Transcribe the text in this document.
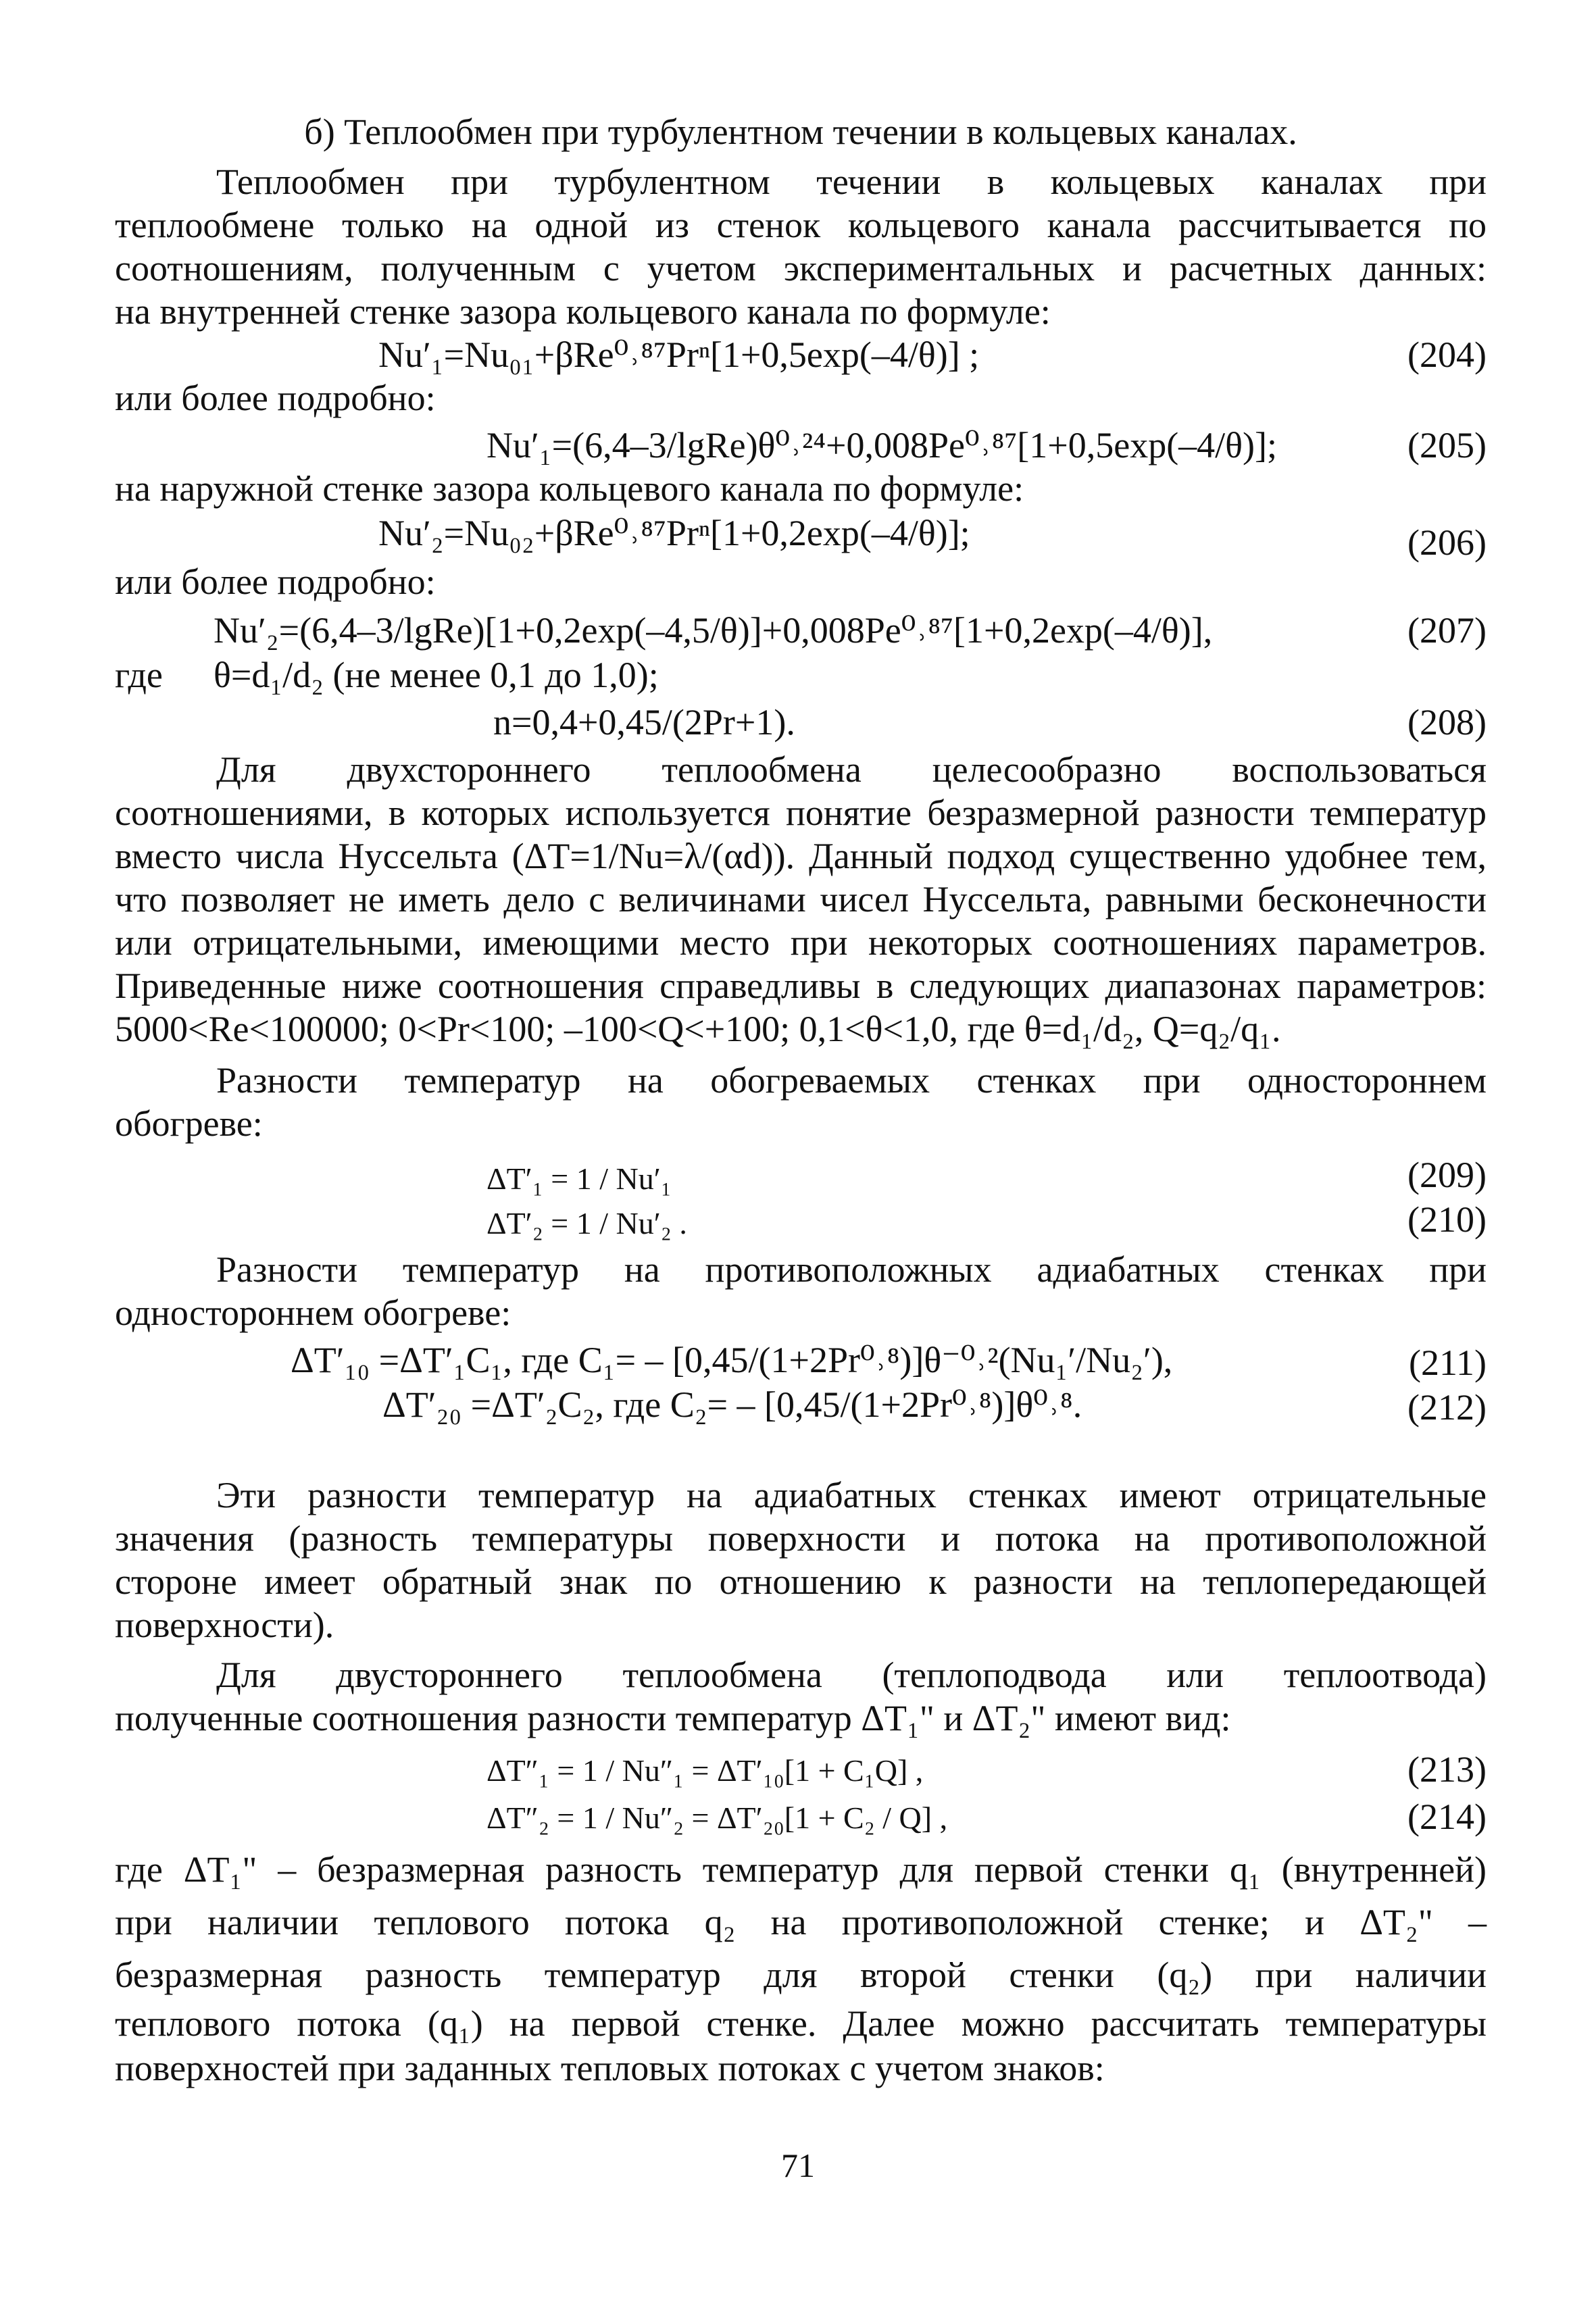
б) Теплообмен при турбулентном течении в кольцевых каналах.
Теплообмен при турбулентном течении в кольцевых каналах при
теплообмене только на одной из стенок кольцевого канала рассчитывается по
соотношениям, полученным с учетом экспериментальных и расчетных данных:
на внутренней стенке зазора кольцевого канала по формуле:
Nu′₁=Nu₀₁+βRe⁰˒⁸⁷Prⁿ[1+0,5exp(–4/θ)] ;	(204)
или более подробно:
Nu′₁=(6,4–3/lgRe)θ⁰˒²⁴+0,008Pe⁰˒⁸⁷[1+0,5exp(–4/θ)];	(205)
на наружной стенке зазора кольцевого канала по формуле:
Nu′₂=Nu₀₂+βRe⁰˒⁸⁷Prⁿ[1+0,2exp(–4/θ)];	(206)
или более подробно:
Nu′₂=(6,4–3/lgRe)[1+0,2exp(–4,5/θ)]+0,008Pe⁰˒⁸⁷[1+0,2exp(–4/θ)],	(207)
где θ=d₁/d₂ (не менее 0,1 до 1,0);
n=0,4+0,45/(2Pr+1).	(208)
Для двухстороннего теплообмена целесообразно воспользоваться
соотношениями, в которых используется понятие безразмерной разности температур
вместо числа Нуссельта (ΔT=1/Nu=λ/(αd)). Данный подход существенно удобнее тем,
что позволяет не иметь дело с величинами чисел Нуссельта, равными бесконечности
или отрицательными, имеющими место при некоторых соотношениях параметров.
Приведенные ниже соотношения справедливы в следующих диапазонах параметров:
5000<Re<100000; 0<Pr<100; –100<Q<+100; 0,1<θ<1,0, где θ=d₁/d₂, Q=q₂/q₁.
Разности температур на обогреваемых стенках при одностороннем
обогреве:
ΔT′₁ = 1 / Nu′₁	(209)
ΔT′₂ = 1 / Nu′₂ .	(210)
Разности температур на противоположных адиабатных стенках при
одностороннем обогреве:
ΔT′₁₀ =ΔT′₁C₁, где C₁= – [0,45/(1+2Pr⁰˒⁸)]θ⁻⁰˒²(Nu₁′/Nu₂′),	(211)
ΔT′₂₀ =ΔT′₂C₂, где C₂= – [0,45/(1+2Pr⁰˒⁸)]θ⁰˒⁸.	(212)
Эти разности температур на адиабатных стенках имеют отрицательные
значения (разность температуры поверхности и потока на противоположной
стороне имеет обратный знак по отношению к разности на теплопередающей
поверхности).
Для двустороннего теплообмена (теплоподвода или теплоотвода)
полученные соотношения разности температур ΔT₁" и ΔT₂" имеют вид:
ΔT″₁ = 1 / Nu″₁ = ΔT′₁₀[1 + C₁Q] ,	(213)
ΔT″₂ = 1 / Nu″₂ = ΔT′₂₀[1 + C₂ / Q] ,	(214)
где ΔT₁" – безразмерная разность температур для первой стенки q₁ (внутренней)
при наличии теплового потока q₂ на противоположной стенке; и ΔT₂" –
безразмерная разность температур для второй стенки (q₂) при наличии
теплового потока (q₁) на первой стенке. Далее можно рассчитать температуры
поверхностей при заданных тепловых потоках с учетом знаков:
71
